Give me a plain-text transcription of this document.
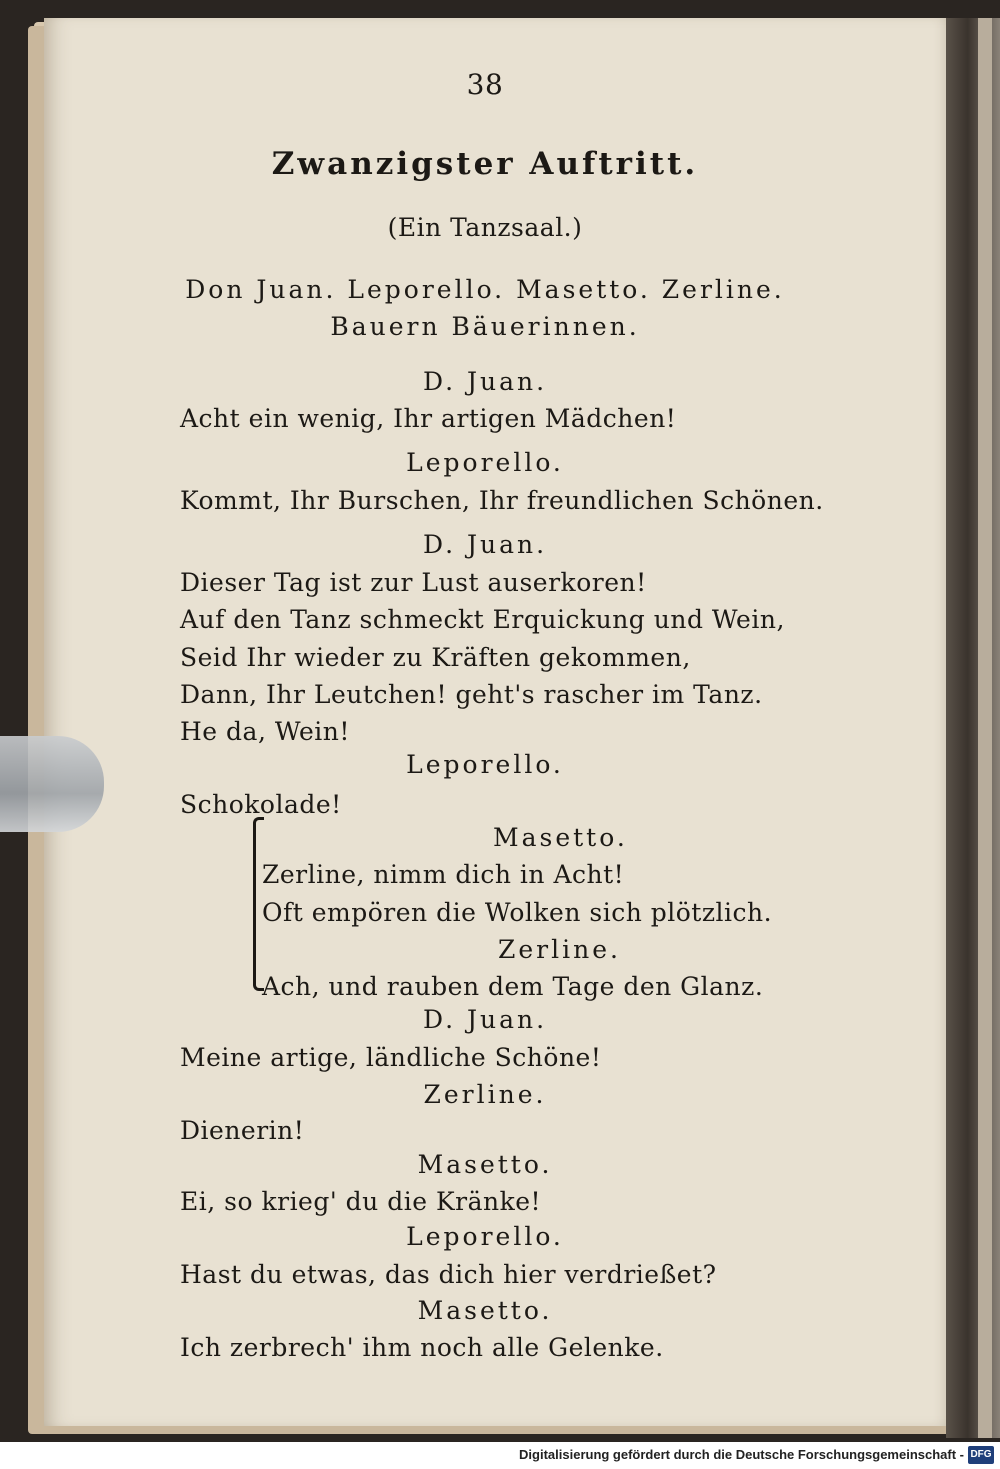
38
Zwanzigster Auftritt.
(Ein Tanzsaal.)
Don Juan. Leporello. Masetto. Zerline.
Bauern Bäuerinnen.
D. Juan.
Acht ein wenig, Ihr artigen Mädchen!
Leporello.
Kommt, Ihr Burschen, Ihr freundlichen Schönen.
D. Juan.
Dieser Tag ist zur Lust auserkoren!
Auf den Tanz schmeckt Erquickung und Wein,
Seid Ihr wieder zu Kräften gekommen,
Dann, Ihr Leutchen! geht's rascher im Tanz.
He da, Wein!
Leporello.
Schokolade!
Masetto.
Zerline, nimm dich in Acht!
Oft empören die Wolken sich plötzlich.
Zerline.
Ach, und rauben dem Tage den Glanz.
D. Juan.
Meine artige, ländliche Schöne!
Zerline.
Dienerin!
Masetto.
Ei, so krieg' du die Kränke!
Leporello.
Hast du etwas, das dich hier verdrießet?
Masetto.
Ich zerbrech' ihm noch alle Gelenke.
Digitalisierung gefördert durch die Deutsche Forschungsgemeinschaft - DFG
